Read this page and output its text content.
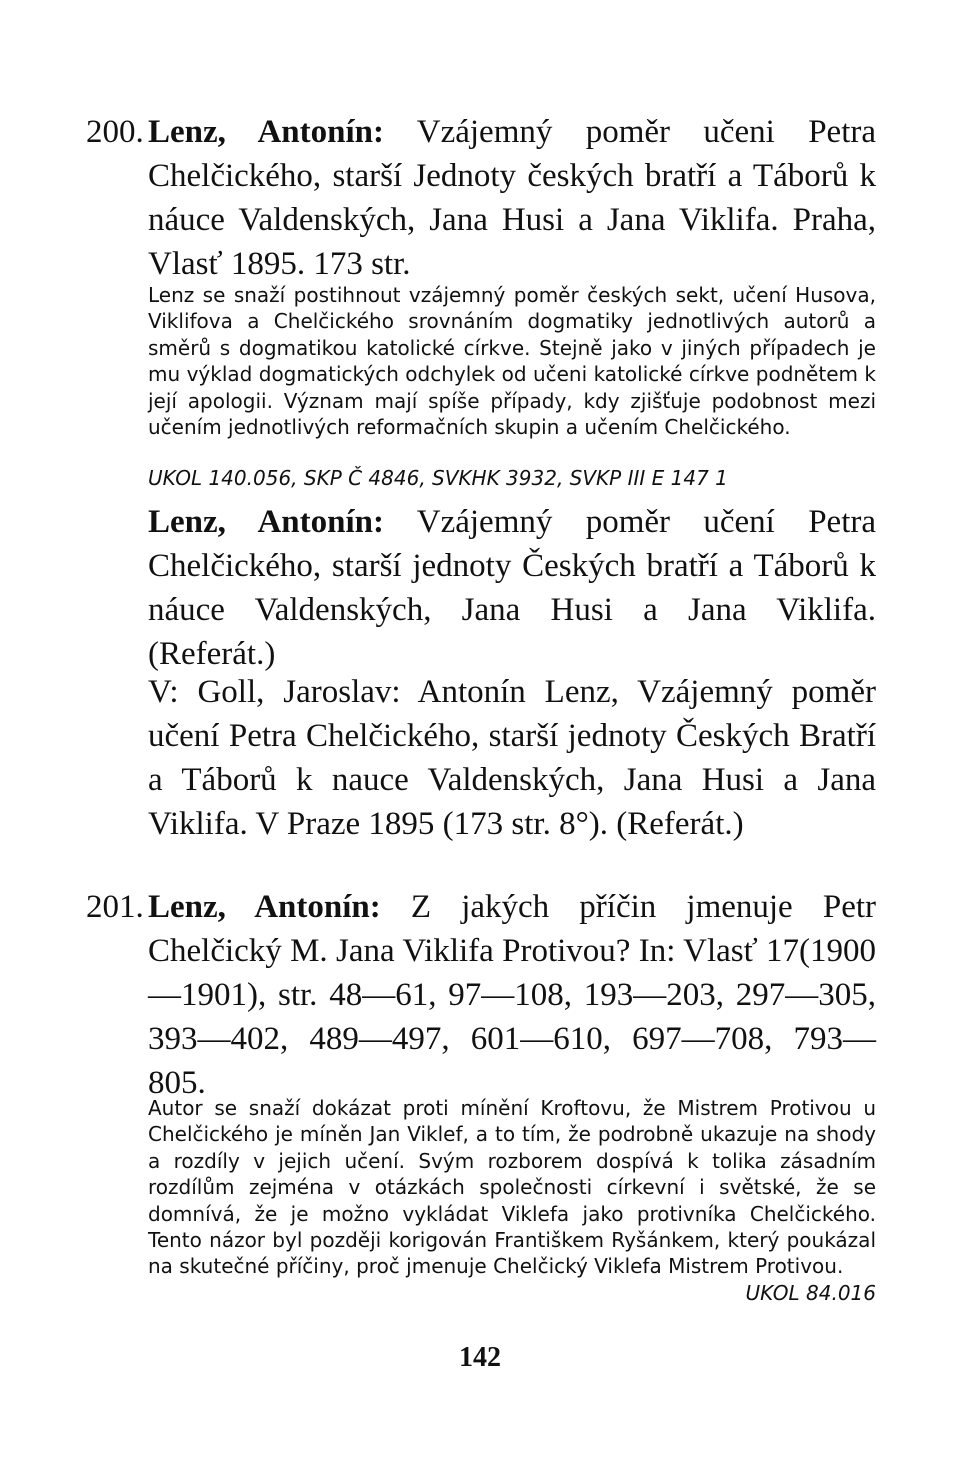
200. Lenz, Antonín: Vzájemný poměr učeni Petra Chelčického, starší Jednoty českých bratří a Táborů k náuce Valdenských, Jana Husi a Jana Viklifa. Praha, Vlasť 1895. 173 str.

Lenz se snaží postihnout vzájemný poměr českých sekt, učení Husova, Viklifova a Chelčického srovnáním dogmatiky jednotlivých autorů a směrů s dogmatikou katolické církve. Stejně jako v jiných případech je mu výklad dogmatických odchylek od učeni katolické církve podnětem k její apologii. Význam mají spíše případy, kdy zjišťuje podobnost mezi učením jednotlivých reformačních skupin a učením Chelčického.

UKOL 140.056, SKP Č 4846, SVKHK 3932, SVKP III E 147 1

Lenz, Antonín: Vzájemný poměr učení Petra Chelčického, starší jednoty Českých bratří a Táborů k náuce Valdenských, Jana Husi a Jana Viklifa. (Referát.)

V: Goll, Jaroslav: Antonín Lenz, Vzájemný poměr učení Petra Chelčického, starší jednoty Českých Bratří a Táborů k nauce Valdenských, Jana Husi a Jana Viklifa. V Praze 1895 (173 str. 8°). (Referát.)

201. Lenz, Antonín: Z jakých příčin jmenuje Petr Chelčický M. Jana Viklifa Protivou? In: Vlasť 17(1900—1901), str. 48—61, 97—108, 193—203, 297—305, 393—402, 489—497, 601—610, 697—708, 793—805.

Autor se snaží dokázat proti mínění Kroftovu, že Mistrem Protivou u Chelčického je míněn Jan Viklef, a to tím, že podrobně ukazuje na shody a rozdíly v jejich učení. Svým rozborem dospívá k tolika zásadním rozdílům zejména v otázkách společnosti církevní i světské, že se domnívá, že je možno vykládat Viklefa jako protivníka Chelčického. Tento názor byl později korigován Františkem Ryšánkem, který poukázal na skutečné příčiny, proč jmenuje Chelčický Viklefa Mistrem Protivou.
UKOL 84.016

142
